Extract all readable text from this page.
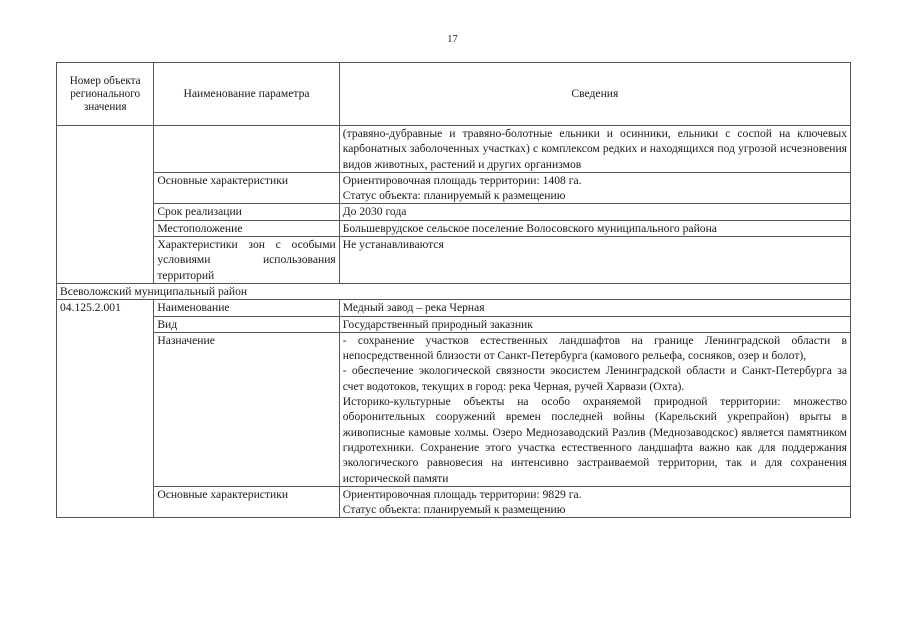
17
Номер объекта регионального значения	Наименование параметра	Сведения
		(травяно-дубравные и травяно-болотные ельники и осинники, ельники с соспой на ключевых карбонатных заболоченных участках) с комплексом редких и находящихся под угрозой исчезновения видов животных, растений и других организмов
	Основные характеристики	Ориентировочная площадь территории: 1408 га.
Статус объекта: планируемый к размещению

	Срок реализации	До 2030 года
	Местоположение	Большеврудское сельское поселение Волосовского муниципального района
	Характеристики зон с особыми условиями использования территорий	Не устанавливаются
Всеволожский муниципальный район		
04.125.2.001	Наименование	Медный завод – река Черная
	Вид	Государственный природный заказник
	Назначение	- сохранение участков естественных ландшафтов на границе Ленинградской области в непосредственной близости от Санкт-Петербурга (камового рельефа, сосняков, озер и болот),
- обеспечение экологической связности экосистем Ленинградской области и Санкт-Петербурга за счет водотоков, текущих в город: река Черная, ручей Харвази (Охта).
Историко-культурные объекты на особо охраняемой природной территории: множество оборонительных сооружений времен последней войны (Карельский укрепрайон) врыты в живописные камовые холмы. Озеро Меднозаводский Разлив (Меднозаводскос) является памятником гидротехники. Сохранение этого участка естественного ландшафта важно как для поддержания экологического равновесия на интенсивно застраиваемой территории, так и для сохранения исторической памяти

	Основные характеристики	Ориентировочная площадь территории: 9829 га.
Статус объекта: планируемый к размещению
